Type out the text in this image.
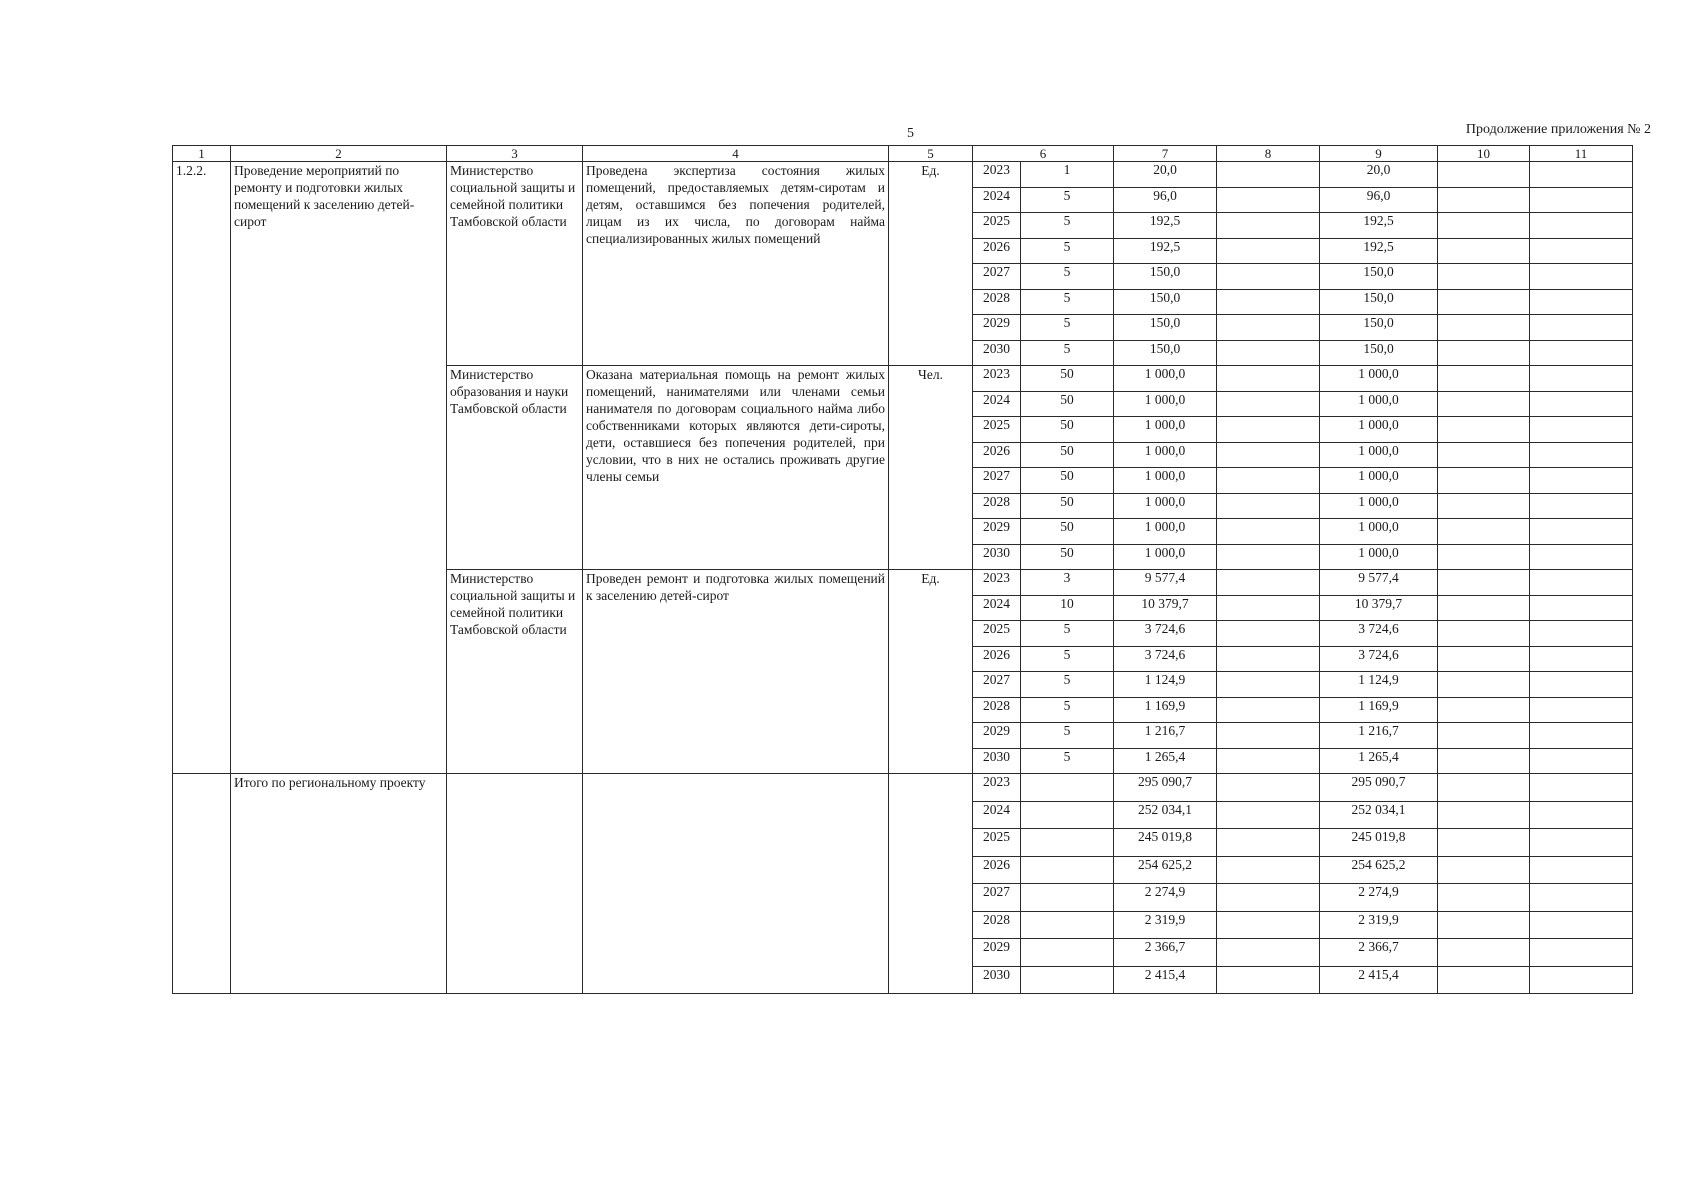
5	Продолжение приложения № 2
1	2	3	4	5	6		7	8	9	10	11
1.2.2.	Проведение мероприятий по ремонту и подготовки жилых помещений к заселению детей-сирот	Министерство социальной защиты и семейной политики Тамбовской области	Проведена экспертиза состояния жилых помещений, предоставляемых детям-сиротам и детям, оставшимся без попечения родителей, лицам из их числа, по договорам найма специализированных жилых помещений	Ед.	2023	1	20,0		20,0		
					2024	5	96,0		96,0		
					2025	5	192,5		192,5		
					2026	5	192,5		192,5		
					2027	5	150,0		150,0		
					2028	5	150,0		150,0		
					2029	5	150,0		150,0		
					2030	5	150,0		150,0		
		Министерство образования и науки Тамбовской области	Оказана материальная помощь на ремонт жилых помещений, нанимателями или членами семьи нанимателя по договорам социального найма либо собственниками которых являются дети-сироты, дети, оставшиеся без попечения родителей, при условии, что в них не остались проживать другие члены семьи	Чел.	2023	50	1 000,0		1 000,0		
					2024	50	1 000,0		1 000,0		
					2025	50	1 000,0		1 000,0		
					2026	50	1 000,0		1 000,0		
					2027	50	1 000,0		1 000,0		
					2028	50	1 000,0		1 000,0		
					2029	50	1 000,0		1 000,0		
					2030	50	1 000,0		1 000,0		
		Министерство социальной защиты и семейной политики Тамбовской области	Проведен ремонт и подготовка жилых помещений к заселению детей-сирот	Ед.	2023	3	9 577,4		9 577,4		
					2024	10	10 379,7		10 379,7		
					2025	5	3 724,6		3 724,6		
					2026	5	3 724,6		3 724,6		
					2027	5	1 124,9		1 124,9		
					2028	5	1 169,9		1 169,9		
					2029	5	1 216,7		1 216,7		
					2030	5	1 265,4		1 265,4		
	Итого по региональному проекту				2023		295 090,7		295 090,7		
					2024		252 034,1		252 034,1		
					2025		245 019,8		245 019,8		
					2026		254 625,2		254 625,2		
					2027		2 274,9		2 274,9		
					2028		2 319,9		2 319,9		
					2029		2 366,7		2 366,7		
					2030		2 415,4		2 415,4		
